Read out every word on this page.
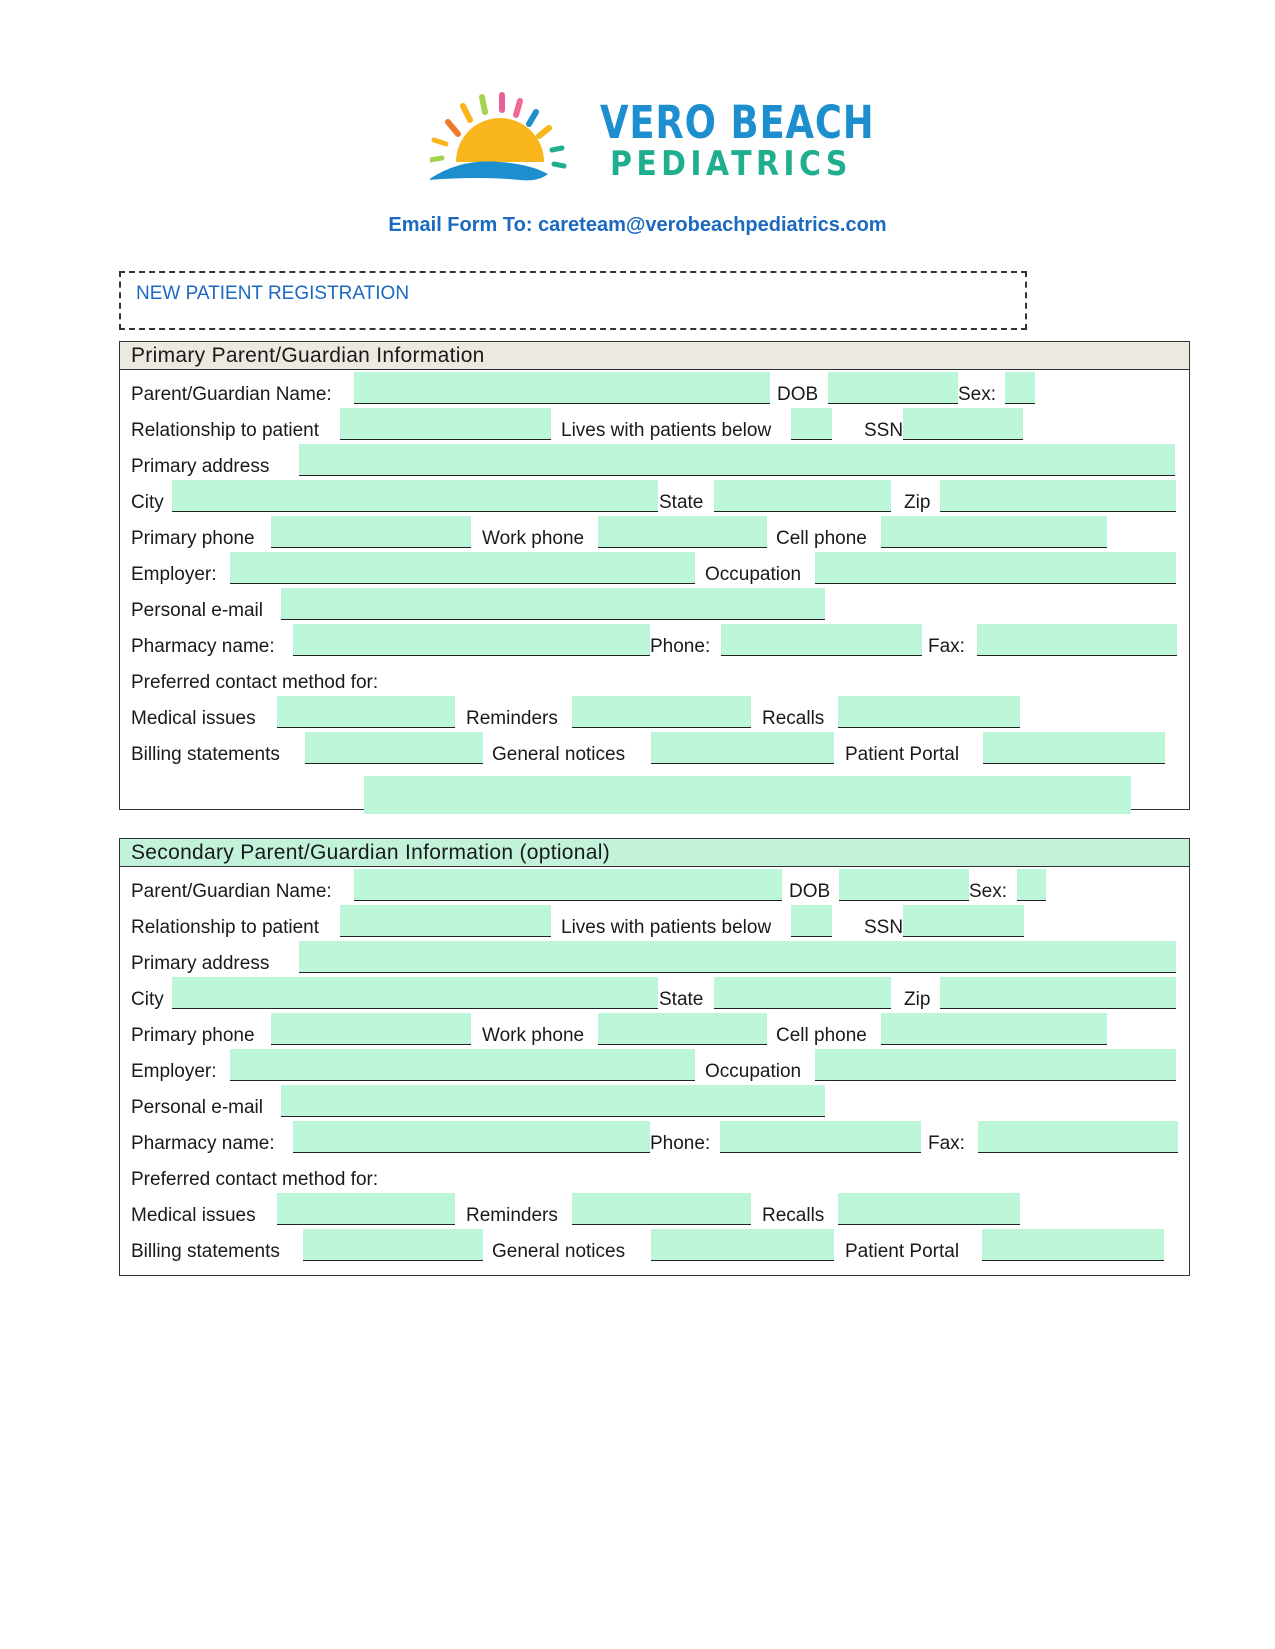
VERO BEACH
PEDIATRICS
Email Form To: careteam@verobeachpediatrics.com
NEW PATIENT REGISTRATION
Primary Parent/Guardian Information
Parent/Guardian Name:	DOB	Sex:
Relationship to patient	Lives with patients below	SSN
Primary address
City	State	Zip
Primary phone	Work phone	Cell phone
Employer:	Occupation
Personal e-mail
Pharmacy name:	Phone:	Fax:
Preferred contact method for:
Medical issues	Reminders	Recalls
Billing statements	General notices	Patient Portal
Secondary Parent/Guardian Information (optional)
Parent/Guardian Name:	DOB	Sex:
Relationship to patient	Lives with patients below	SSN
Primary address
City	State	Zip
Primary phone	Work phone	Cell phone
Employer:	Occupation
Personal e-mail
Pharmacy name:	Phone:	Fax:
Preferred contact method for:
Medical issues	Reminders	Recalls
Billing statements	General notices	Patient Portal
